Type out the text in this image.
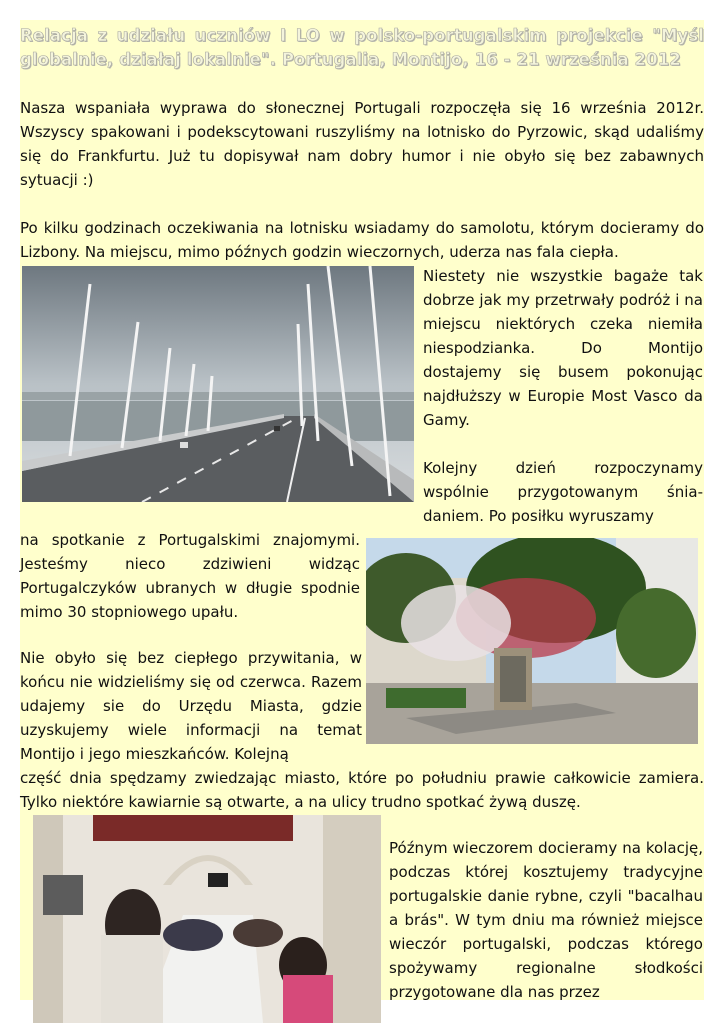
Relacja z udziału uczniów I LO w polsko-portugalskim projekcie "Myśl globalnie, działaj lokalnie". Portugalia, Montijo, 16 - 21 września 2012

Nasza wspaniała wyprawa do słonecznej Portugali rozpoczęła się 16 września 2012r. Wszyscy spakowani i podekscytowani ruszyliśmy na lotnisko do Pyrzowic, skąd udaliśmy się do Frankfurtu. Już tu dopisywał nam dobry humor i nie obyło się bez zabawnych sytuacji :)

Po kilku godzinach oczekiwania na lotnisku wsiadamy do samolotu, którym docieramy do Lizbony. Na miejscu, mimo późnych godzin wieczornych, uderza nas fala ciepła.

Niestety nie wszystkie bagaże tak dobrze jak my przetrwały podróż i na miejscu niektórych czeka niemiła niespodzianka. Do Montijo dostajemy się busem pokonując najdłuższy w Europie Most Vasco da Gamy.

Kolejny dzień rozpoczynamy wspólnie przygotowanym śnia-daniem. Po posiłku wyruszamy

na spotkanie z Portugalskimi znajomymi. Jesteśmy nieco zdziwieni widząc Portugalczyków ubranych w długie spodnie mimo 30 stopniowego upału.

Nie obyło się bez ciepłego przywitania, w końcu nie widzieliśmy się od czerwca. Razem udajemy sie do Urzędu Miasta, gdzie uzyskujemy wiele informacji na temat Montijo i jego mieszkańców. Kolejną

część dnia spędzamy zwiedzając miasto, które po południu prawie całkowicie zamiera. Tylko niektóre kawiarnie są otwarte, a na ulicy trudno spotkać żywą duszę.

Późnym wieczorem docieramy na kolację, podczas której kosztujemy tradycyjne portugalskie danie rybne, czyli "bacalhau a brás". W tym dniu ma również miejsce wieczór portugalski, podczas którego spożywamy regionalne słodkości przygotowane dla nas przez
